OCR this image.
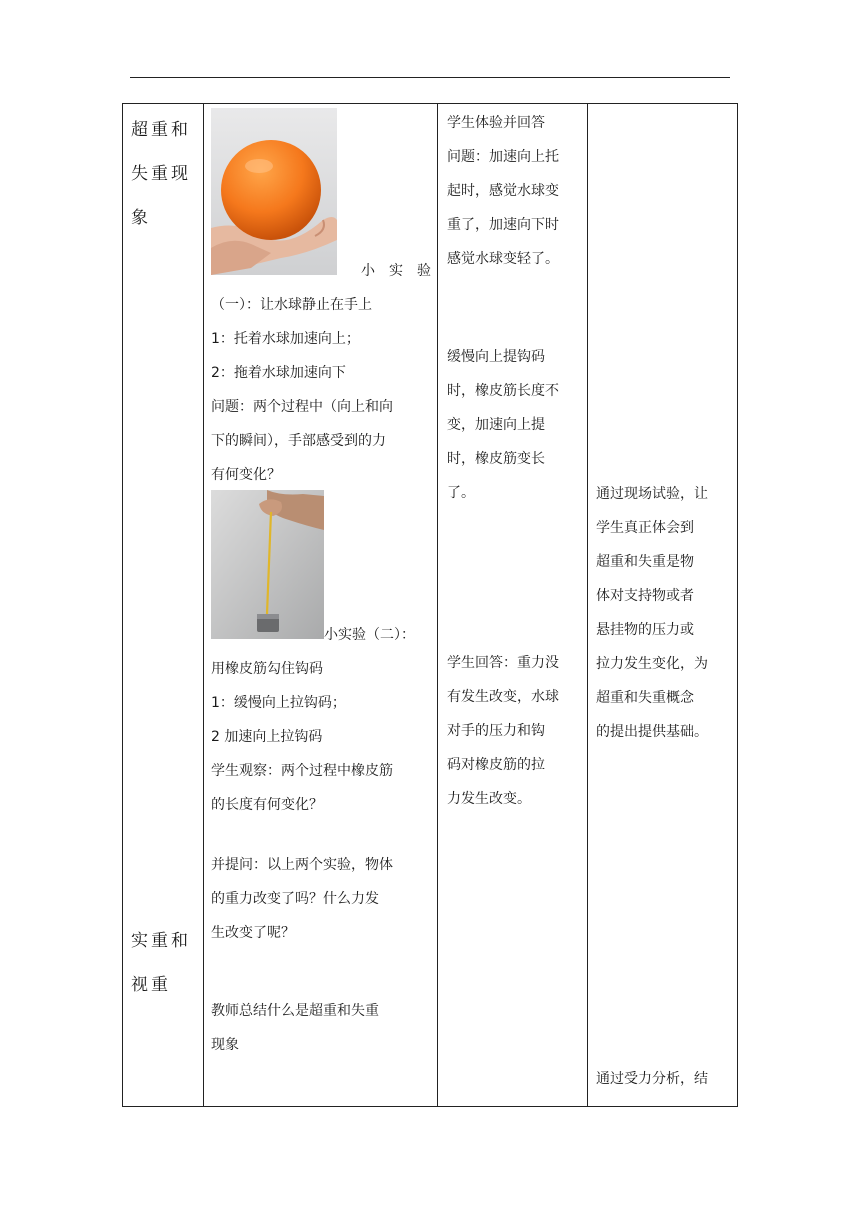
超重和
失重现
象
实重和
视重
小　实　验
（一）：让水球静止在手上
1：托着水球加速向上；
2：拖着水球加速向下
问题：两个过程中（向上和向
下的瞬间），手部感受到的力
有何变化？
小实验（二）：
用橡皮筋勾住钩码
1：缓慢向上拉钩码；
2 加速向上拉钩码
学生观察：两个过程中橡皮筋
的长度有何变化？
并提问：以上两个实验，物体
的重力改变了吗？什么力发
生改变了呢？
教师总结什么是超重和失重
现象
学生体验并回答
问题：加速向上托
起时，感觉水球变
重了，加速向下时
感觉水球变轻了。
缓慢向上提钩码
时，橡皮筋长度不
变，加速向上提
时，橡皮筋变长
了。
学生回答：重力没
有发生改变，水球
对手的压力和钩
码对橡皮筋的拉
力发生改变。
通过现场试验，让
学生真正体会到
超重和失重是物
体对支持物或者
悬挂物的压力或
拉力发生变化，为
超重和失重概念
的提出提供基础。
通过受力分析，结
